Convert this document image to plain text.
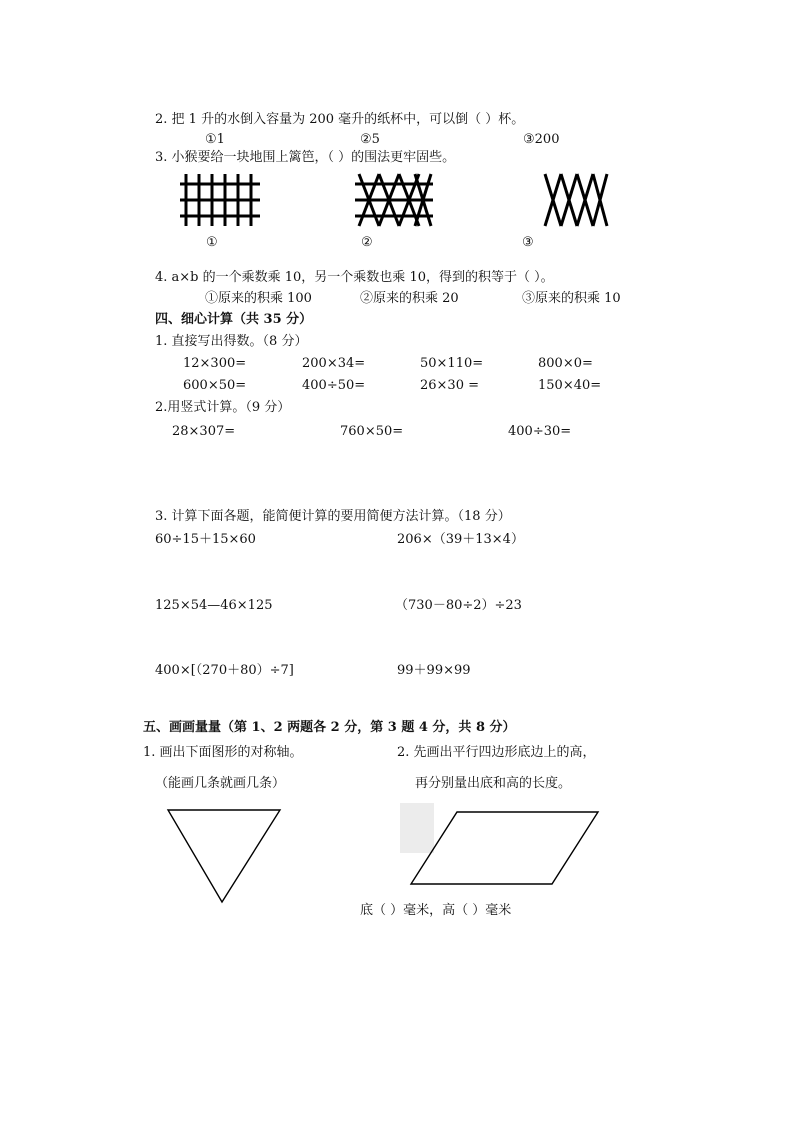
2. 把 1 升的水倒入容量为 200 毫升的纸杯中，可以倒（ ）杯。
①1	②5	③200
3. 小猴要给一块地围上篱笆，（ ）的围法更牢固些。
①	②	③
4. a×b 的一个乘数乘 10，另一个乘数也乘 10，得到的积等于（ ）。
①原来的积乘 100	②原来的积乘 20	③原来的积乘 10
四、细心计算（共 35 分）
1. 直接写出得数。（8 分）
12×300=	200×34=	50×110=	800×0=
600×50=	400÷50=	26×30 =	150×40=
2.用竖式计算。（9 分）
28×307=	760×50=	400÷30=
3. 计算下面各题，能简便计算的要用简便方法计算。（18 分）
60÷15＋15×60	206×（39＋13×4）
125×54—46×125	（730－80÷2）÷23
400×[（270＋80）÷7]	99＋99×99
五、画画量量（第 1、2 两题各 2 分，第 3 题 4 分，共 8 分）
1. 画出下面图形的对称轴。
（能画几条就画几条）
2. 先画出平行四边形底边上的高，
再分别量出底和高的长度。
底（ ）毫米，高（ ）毫米
